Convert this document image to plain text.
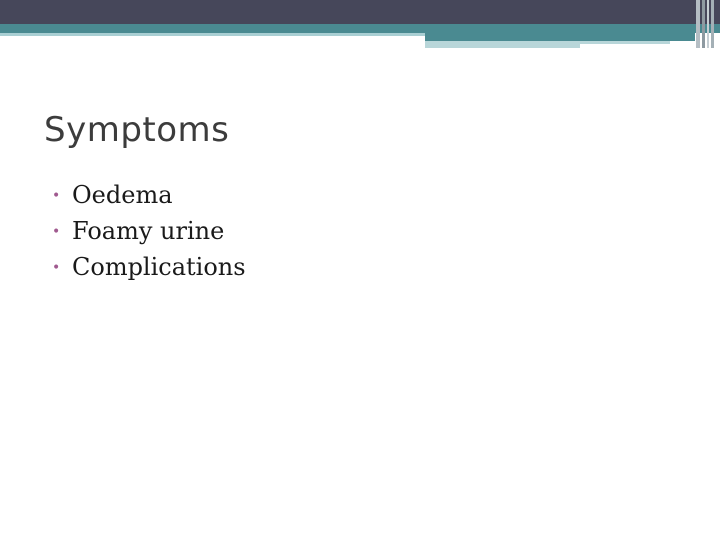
Symptoms
• Oedema
• Foamy urine
• Complications
